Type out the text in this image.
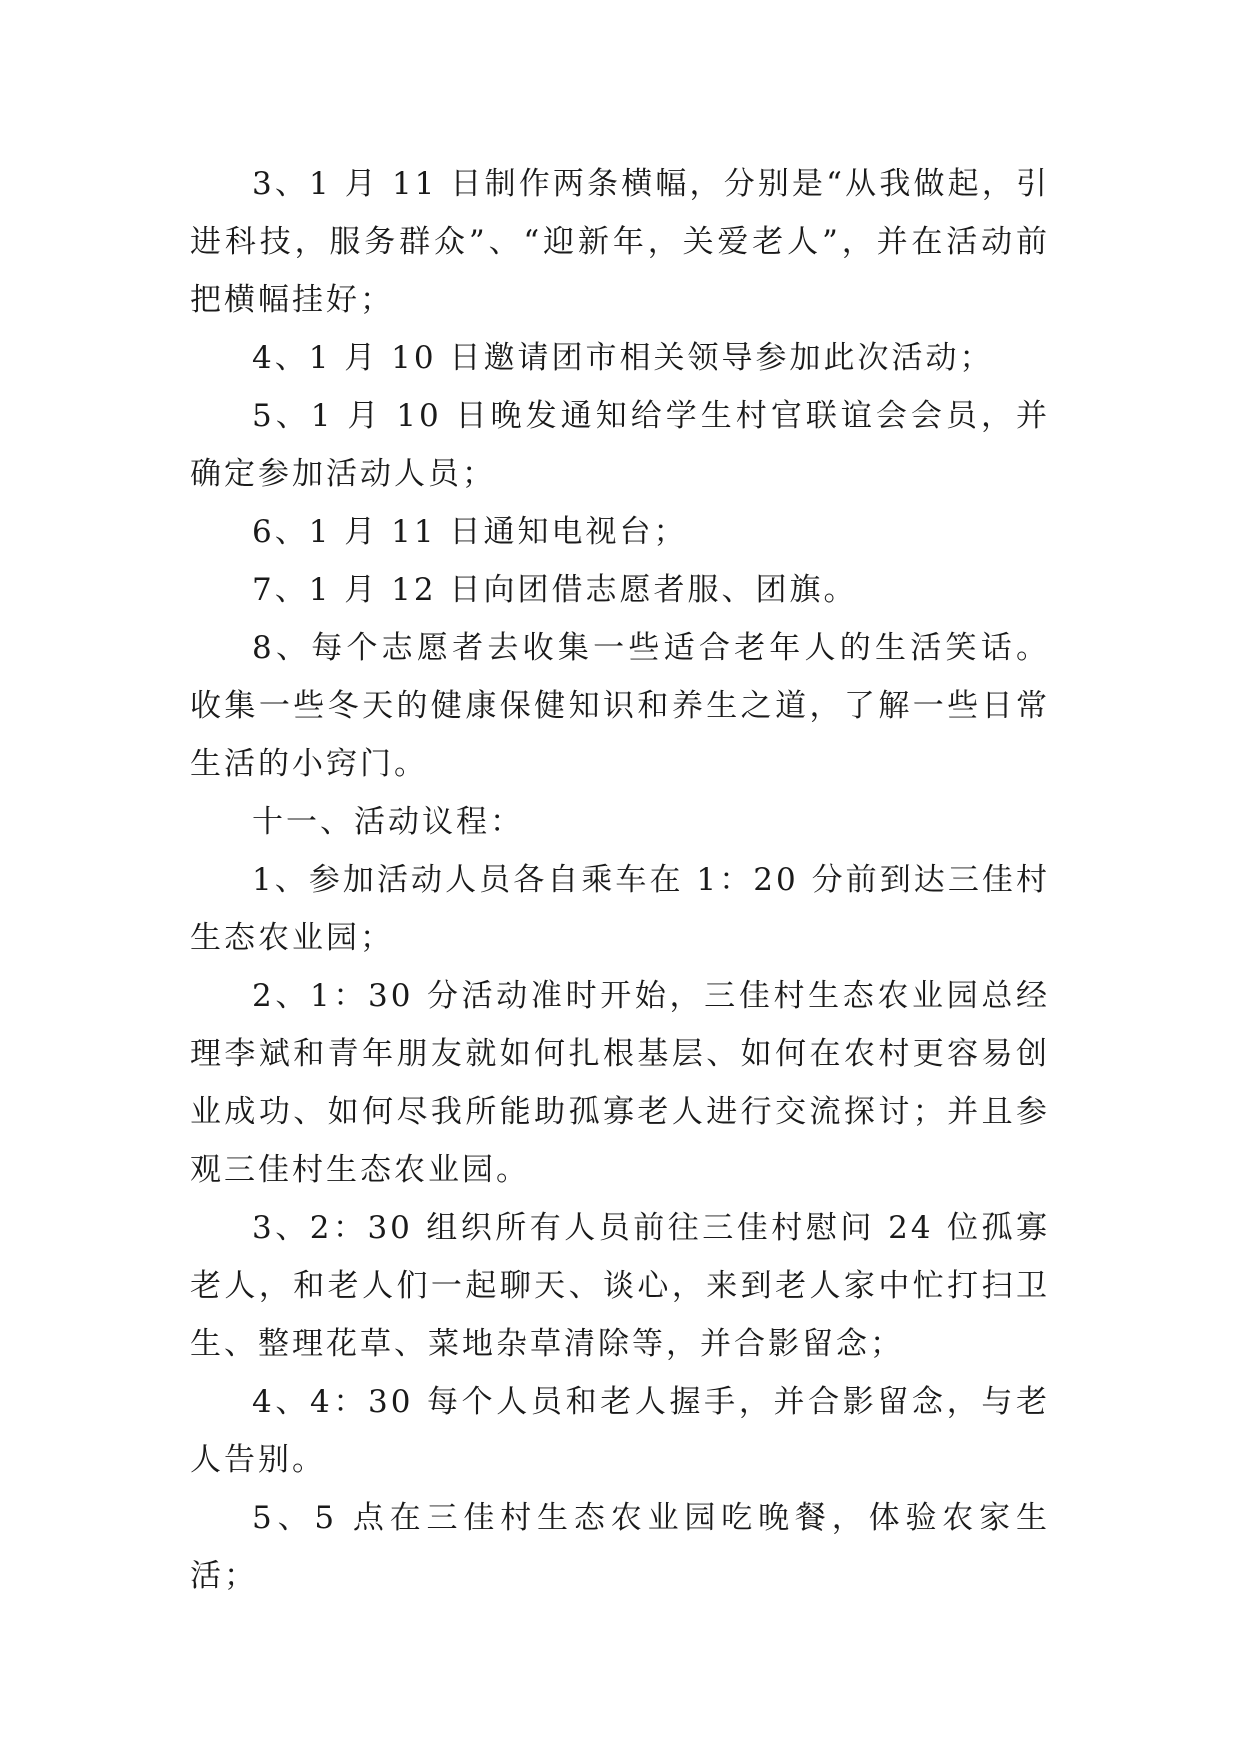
3、1 月 11 日制作两条横幅，分别是“从我做起，引进科技，服务群众”、“迎新年，关爱老人”，并在活动前把横幅挂好；

4、1 月 10 日邀请团市相关领导参加此次活动；

5、1 月 10 日晚发通知给学生村官联谊会会员，并确定参加活动人员；

6、1 月 11 日通知电视台；

7、1 月 12 日向团借志愿者服、团旗。

8、每个志愿者去收集一些适合老年人的生活笑话。收集一些冬天的健康保健知识和养生之道，了解一些日常生活的小窍门。

十一、活动议程：

1、参加活动人员各自乘车在 1：20 分前到达三佳村生态农业园；

2、1：30 分活动准时开始，三佳村生态农业园总经理李斌和青年朋友就如何扎根基层、如何在农村更容易创业成功、如何尽我所能助孤寡老人进行交流探讨；并且参观三佳村生态农业园。

3、2：30 组织所有人员前往三佳村慰问 24 位孤寡老人，和老人们一起聊天、谈心，来到老人家中忙打扫卫生、整理花草、菜地杂草清除等，并合影留念；

4、4：30 每个人员和老人握手，并合影留念，与老人告别。

5、5 点在三佳村生态农业园吃晚餐，体验农家生活；
